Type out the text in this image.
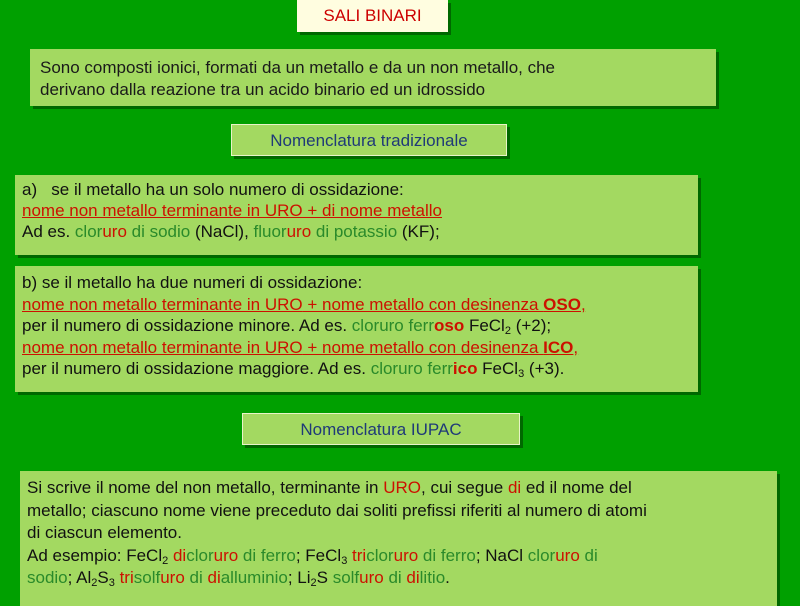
SALI BINARI
Sono composti ionici, formati da un metallo e da un non metallo, che
derivano dalla reazione tra un acido binario ed un idrossido
Nomenclatura tradizionale
a)   se il metallo ha un solo numero di ossidazione:
nome non metallo terminante in URO + di nome metallo
Ad es. cloruro di sodio (NaCl), fluoruro di potassio (KF);
b) se il metallo ha due numeri di ossidazione:
nome non metallo terminante in URO + nome metallo con desinenza OSO,
per il numero di ossidazione minore. Ad es. cloruro ferroso FeCl$_2$ (+2);
nome non metallo terminante in URO + nome metallo con desinenza ICO,
per il numero di ossidazione maggiore. Ad es. cloruro ferrico FeCl$_3$ (+3).
Nomenclatura IUPAC
Si scrive il nome del non metallo, terminante in URO, cui segue di ed il nome del
metallo; ciascuno nome viene preceduto dai soliti prefissi riferiti al numero di atomi
di ciascun elemento.
Ad esempio: FeCl$_2$ dicloruro di ferro; FeCl$_3$ tricloruro di ferro; NaCl cloruro di
sodio; $Al_2S_3$ trisolfuro di dialluminio; $Li_2S$ solfuro di dilitio.
